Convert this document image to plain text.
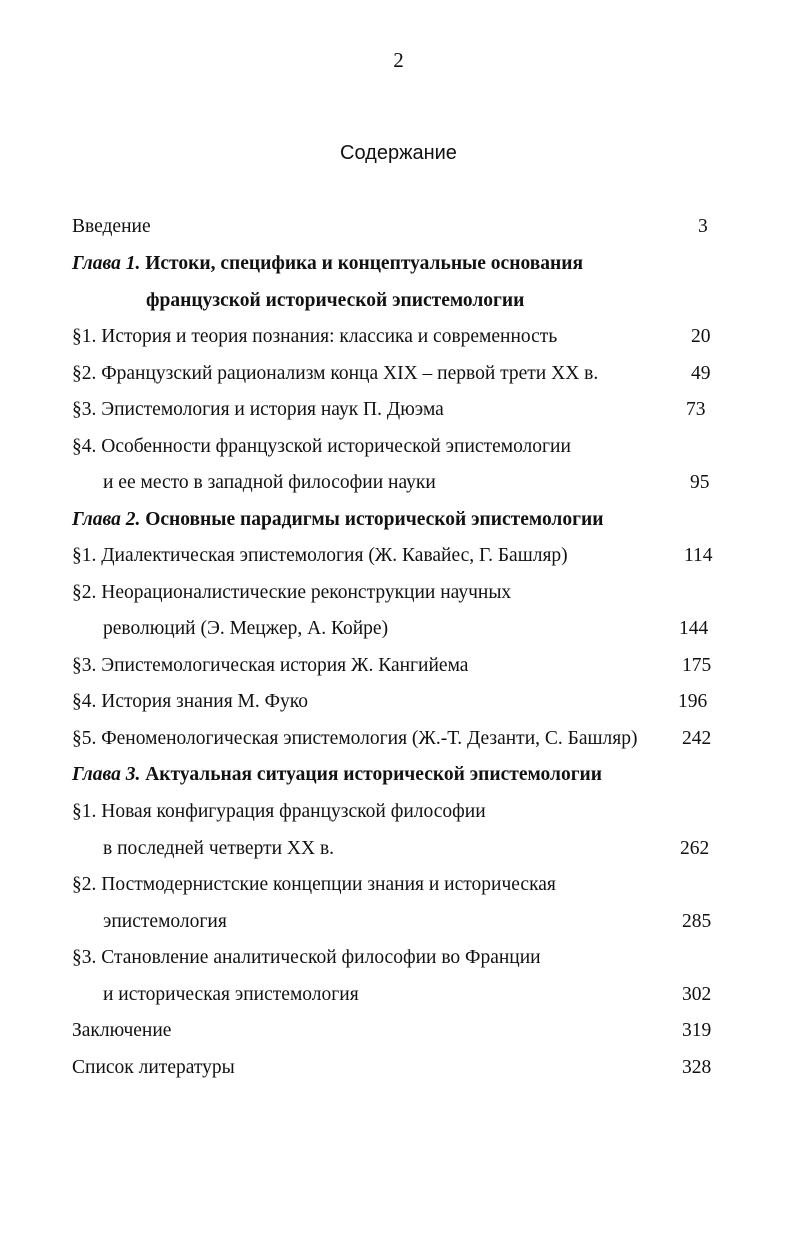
2
Содержание
Введение	3
Глава 1. Истоки, специфика и концептуальные основания
французской исторической эпистемологии
§1. История и теория познания: классика и современность	20
§2. Французский рационализм конца XIX – первой трети XX в.	49
§3. Эпистемология и история наук П. Дюэма	73
§4. Особенности французской исторической эпистемологии
и ее место в западной философии науки	95
Глава 2. Основные парадигмы исторической эпистемологии
§1. Диалектическая эпистемология (Ж. Кавайес, Г. Башляр)	114
§2. Неорационалистические реконструкции научных
революций (Э. Мецжер, А. Койре)	144
§3. Эпистемологическая история Ж. Кангийема	175
§4. История знания М. Фуко	196
§5. Феноменологическая эпистемология (Ж.-Т. Дезанти, С. Башляр) 242
Глава 3. Актуальная ситуация исторической эпистемологии
§1. Новая конфигурация французской философии
в последней четверти XX в.	262
§2. Постмодернистские концепции знания и историческая
эпистемология	285
§3. Становление аналитической философии во Франции
и историческая эпистемология	302
Заключение	319
Список литературы	328
